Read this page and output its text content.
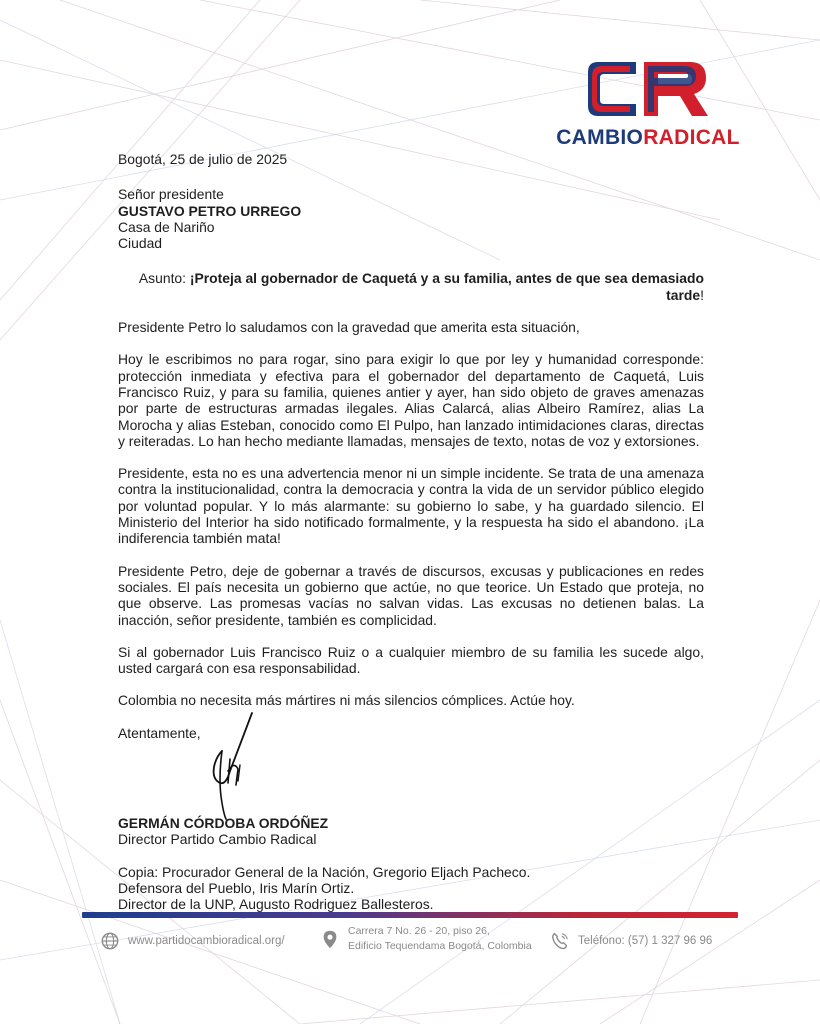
CAMBIORADICAL
Bogotá, 25 de julio de 2025
Señor presidente
GUSTAVO PETRO URREGO
Casa de Nariño
Ciudad
Asunto: ¡Proteja al gobernador de Caquetá y a su familia, antes de que sea demasiado
tarde!

Presidente Petro lo saludamos con la gravedad que amerita esta situación,

Hoy le escribimos no para rogar, sino para exigir lo que por ley y humanidad corresponde: protección inmediata y efectiva para el gobernador del departamento de Caquetá, Luis Francisco Ruiz, y para su familia, quienes antier y ayer, han sido objeto de graves amenazas por parte de estructuras armadas ilegales. Alias Calarcá, alias Albeiro Ramírez, alias La Morocha y alias Esteban, conocido como El Pulpo, han lanzado intimidaciones claras, directas y reiteradas. Lo han hecho mediante llamadas, mensajes de texto, notas de voz y extorsiones.

Presidente, esta no es una advertencia menor ni un simple incidente. Se trata de una amenaza contra la institucionalidad, contra la democracia y contra la vida de un servidor público elegido por voluntad popular. Y lo más alarmante: su gobierno lo sabe, y ha guardado silencio. El Ministerio del Interior ha sido notificado formalmente, y la respuesta ha sido el abandono. ¡La indiferencia también mata!

Presidente Petro, deje de gobernar a través de discursos, excusas y publicaciones en redes sociales. El país necesita un gobierno que actúe, no que teorice. Un Estado que proteja, no que observe. Las promesas vacías no salvan vidas. Las excusas no detienen balas. La inacción, señor presidente, también es complicidad.

Si al gobernador Luis Francisco Ruiz o a cualquier miembro de su familia les sucede algo, usted cargará con esa responsabilidad.

Colombia no necesita más mártires ni más silencios cómplices. Actúe hoy.

Atentamente,
GERMÁN CÓRDOBA ORDÓÑEZ
Director Partido Cambio Radical
Copia: Procurador General de la Nación, Gregorio Eljach Pacheco.
Defensora del Pueblo, Iris Marín Ortiz.
Director de la UNP, Augusto Rodriguez Ballesteros.
www.partidocambioradical.org/
Carrera 7 No. 26 - 20, piso 26,
Edificio Tequendama Bogotá, Colombia	Teléfono: (57) 1 327 96 96
